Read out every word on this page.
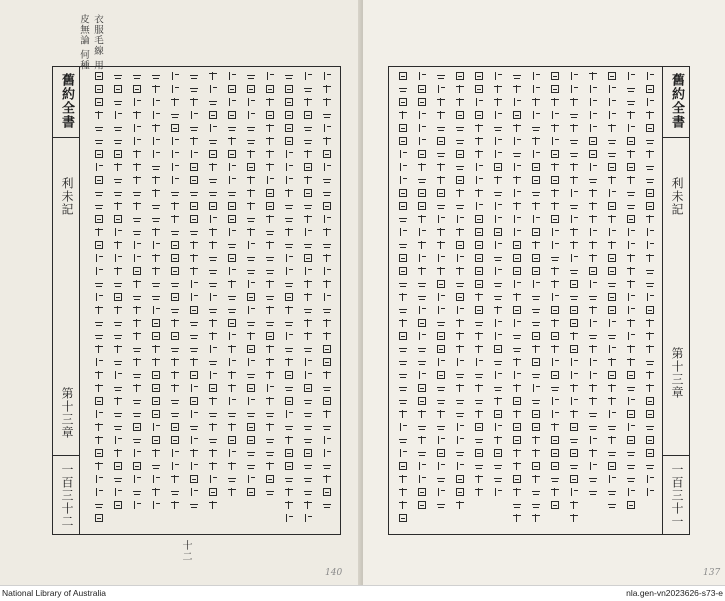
衣服毛線 用皮無論 何種
舊約全書
利未記
第十三章
一百三十二
十二
140
舊約全書
利未記
第十三章
一百三十一
137
National Library of Australia	nla.gen-vn2023626-s73-e
